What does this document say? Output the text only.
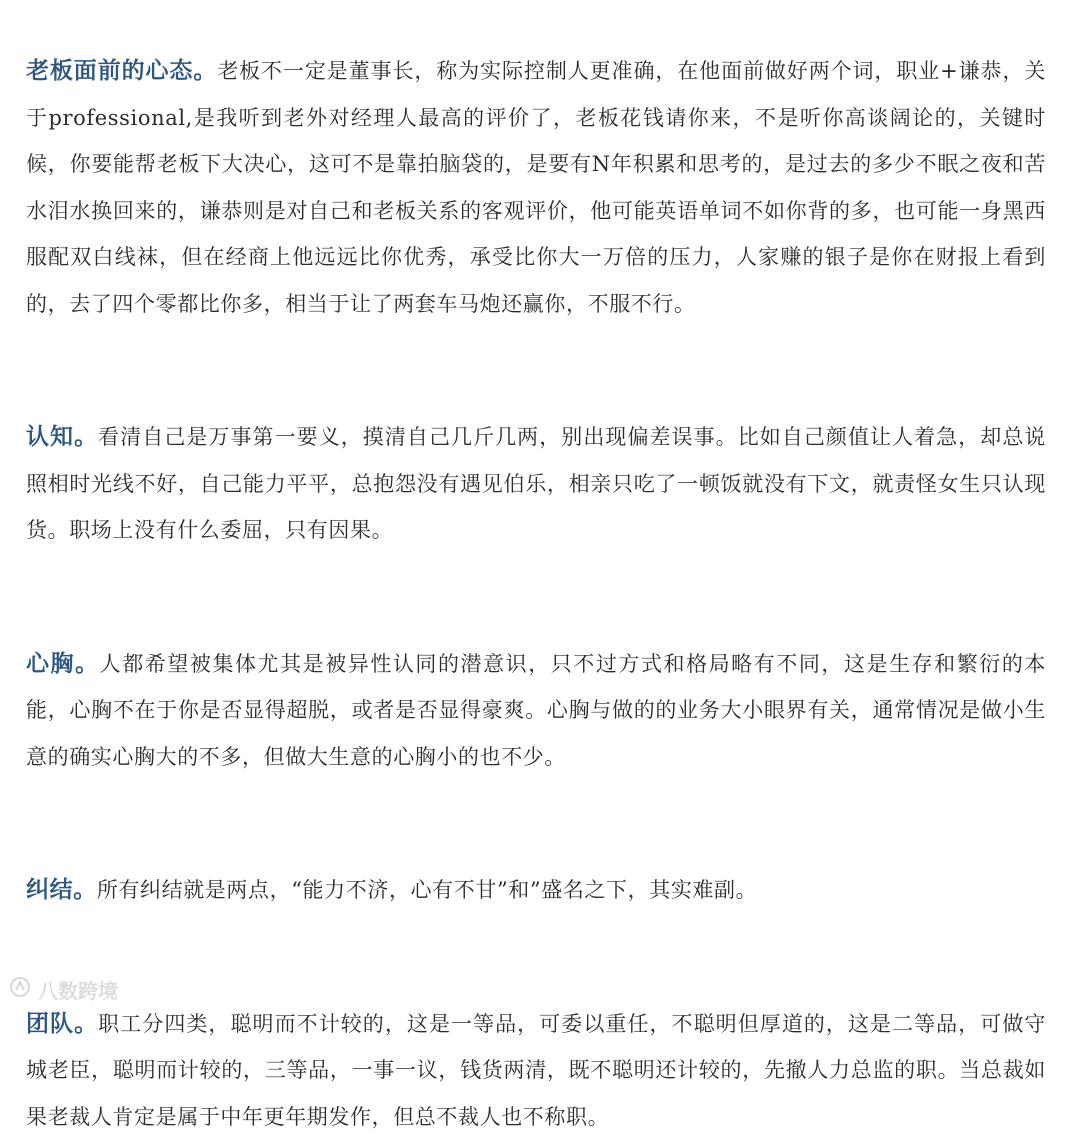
老板面前的心态。老板不一定是董事长，称为实际控制人更准确，在他面前做好两个词，职业+谦恭，关于professional,是我听到老外对经理人最高的评价了，老板花钱请你来，不是听你高谈阔论的，关键时候，你要能帮老板下大决心，这可不是靠拍脑袋的，是要有N年积累和思考的，是过去的多少不眠之夜和苦水泪水换回来的，谦恭则是对自己和老板关系的客观评价，他可能英语单词不如你背的多，也可能一身黑西服配双白线袜，但在经商上他远远比你优秀，承受比你大一万倍的压力，人家赚的银子是你在财报上看到的，去了四个零都比你多，相当于让了两套车马炮还赢你，不服不行。

认知。看清自己是万事第一要义，摸清自己几斤几两，别出现偏差误事。比如自己颜值让人着急，却总说照相时光线不好，自己能力平平，总抱怨没有遇见伯乐，相亲只吃了一顿饭就没有下文，就责怪女生只认现货。职场上没有什么委屈，只有因果。

心胸。人都希望被集体尤其是被异性认同的潜意识，只不过方式和格局略有不同，这是生存和繁衍的本能，心胸不在于你是否显得超脱，或者是否显得豪爽。心胸与做的的业务大小眼界有关，通常情况是做小生意的确实心胸大的不多，但做大生意的心胸小的也不少。

纠结。所有纠结就是两点，“能力不济，心有不甘”和”盛名之下，其实难副。

团队。职工分四类，聪明而不计较的，这是一等品，可委以重任，不聪明但厚道的，这是二等品，可做守城老臣，聪明而计较的，三等品，一事一议，钱货两清，既不聪明还计较的，先撤人力总监的职。当总裁如果老裁人肯定是属于中年更年期发作，但总不裁人也不称职。

八数跨境
